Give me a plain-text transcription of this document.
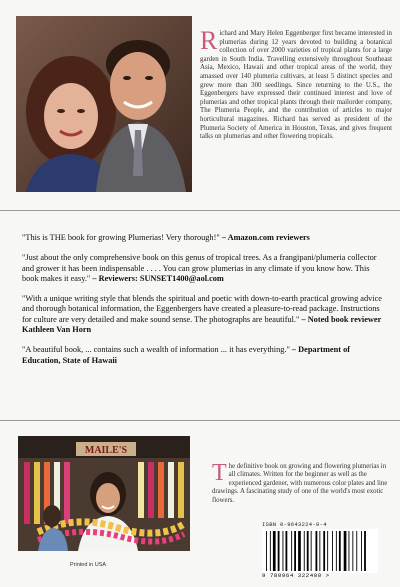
R ichard and Mary Helen Eggenberger first became interested in plumerias during 12 years devoted to building a botanical collection of over 2000 varieties of tropical plants for a large garden in South India. Travelling extensively throughout Southeast Asia, Mexico, Hawaii and other tropical areas of the world, they amassed over 140 plumeria cultivars, at least 5 distinct species and grew more than 300 seedlings. Since returning to the U.S., the Eggenbergers have expressed their continued interest and love of plumerias and other tropical plants through their mailorder company, The Plumeria People, and the contribution of articles to major horticultural magazines. Richard has served as president of the Plumeria Society of America in Houston, Texas, and gives frequent talks on plumerias and other flowering tropicals.

"This is THE book for growing Plumerias! Very thorough!" – Amazon.com reviewers

"Just about the only comprehensive book on this genus of tropical trees. As a frangipani/plumeria collector and grower it has been indispensable . . . . You can grow plumerias in any climate if you know how. This book makes it easy." – Reviewers: SUNSET1400@aol.com

"With a unique writing style that blends the spiritual and poetic with down-to-earth practical growing advice and thorough botanical information, the Eggenbergers have created a pleasure-to-read package. Instructions for culture are very detailed and make sound sense. The photographs are beautiful." – Noted book reviewer Kathleen Van Horn

"A beautiful book, ... contains such a wealth of information ... it has everything." – Department of Education, State of Hawaii

MAILE'S
Printed in USA
T he definitive book on growing and flowering plumerias in all climates. Written for the beginner as well as the experienced gardener, with numerous color plates and line drawings. A fascinating study of one of the world's most exotic flowers.
ISBN 0-9643224-0-4
9 780964 322400 >
